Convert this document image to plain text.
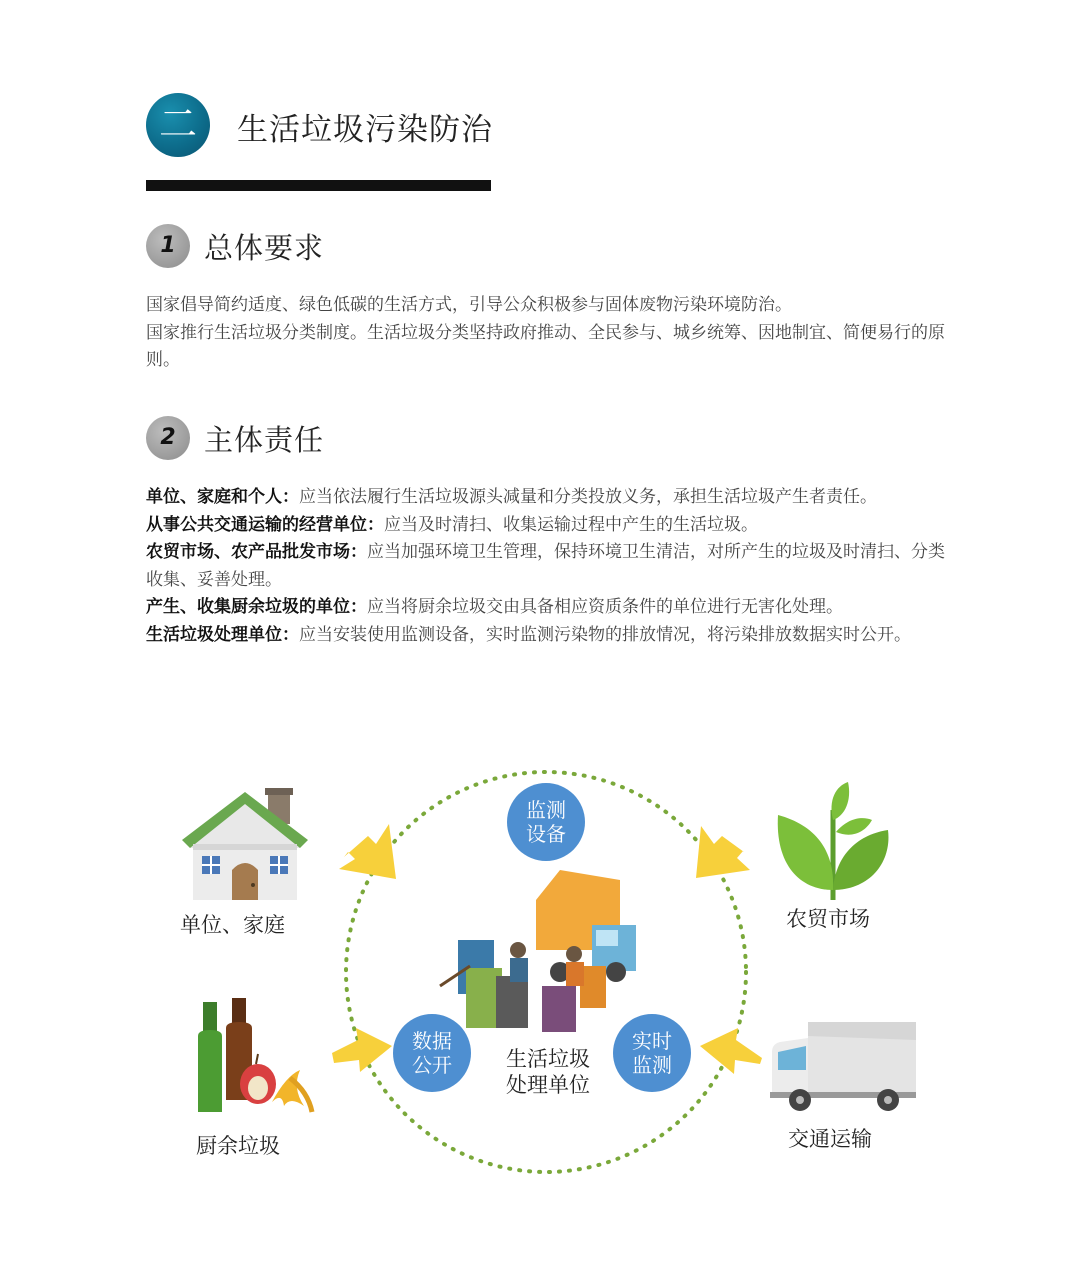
二	生活垃圾污染防治
1 总体要求

国家倡导简约适度、绿色低碳的生活方式，引导公众积极参与固体废物污染环境防治。

国家推行生活垃圾分类制度。生活垃圾分类坚持政府推动、全民参与、城乡统筹、因地制宜、简便易行的原则。

2 主体责任

单位、家庭和个人：应当依法履行生活垃圾源头减量和分类投放义务，承担生活垃圾产生者责任。

从事公共交通运输的经营单位：应当及时清扫、收集运输过程中产生的生活垃圾。

农贸市场、农产品批发市场：应当加强环境卫生管理，保持环境卫生清洁，对所产生的垃圾及时清扫、分类收集、妥善处理。

产生、收集厨余垃圾的单位：应当将厨余垃圾交由具备相应资质条件的单位进行无害化处理。

生活垃圾处理单位：应当安装使用监测设备，实时监测污染物的排放情况，将污染排放数据实时公开。

单位、家庭	农贸市场
厨余垃圾	交通运输
监测设备
数据公开
实时监测
生活垃圾
处理单位
